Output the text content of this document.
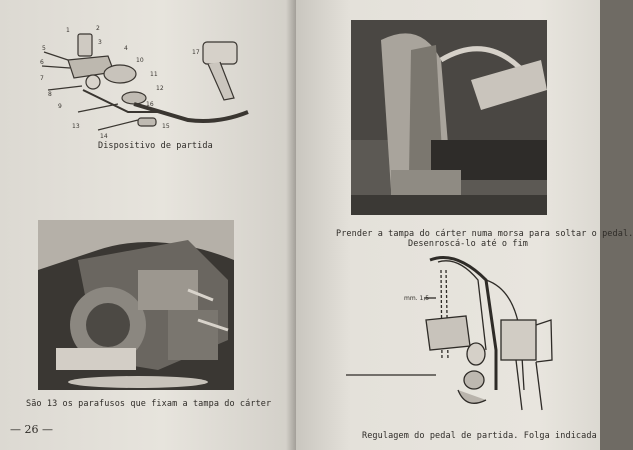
1	2
3
4
5
6
7
8
9
10
11
12
13
14
15
16
17
Dispositivo de partida
São 13 os parafusos que fixam a tampa do cárter
— 26 —
Prender a tampa do cárter numa morsa para soltar o pedal.
Desenroscá-lo até o fim
mm. 1,5
Regulagem do pedal de partida. Folga indicada
